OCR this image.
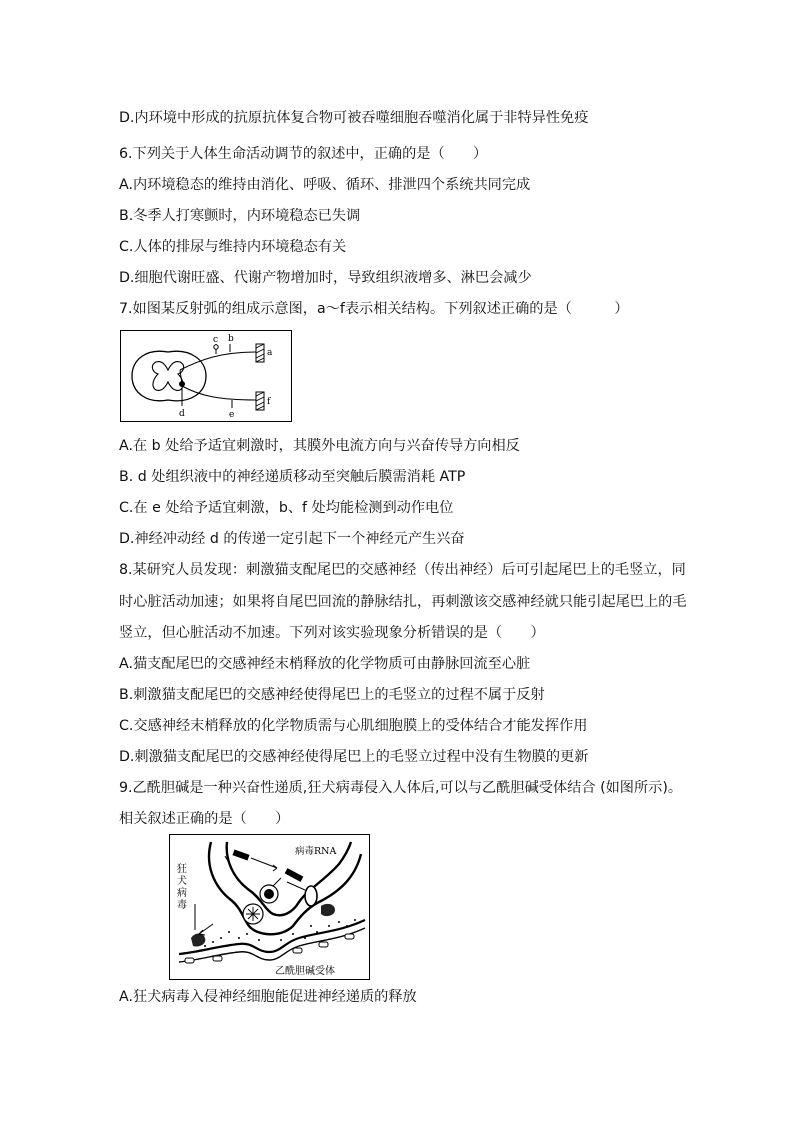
D.内环境中形成的抗原抗体复合物可被吞噬细胞吞噬消化属于非特异性免疫
6.下列关于人体生命活动调节的叙述中，正确的是（　　）
A.内环境稳态的维持由消化、呼吸、循环、排泄四个系统共同完成
B.冬季人打寒颤时，内环境稳态已失调
C.人体的排尿与维持内环境稳态有关
D.细胞代谢旺盛、代谢产物增加时，导致组织液增多、淋巴会减少
7.如图某反射弧的组成示意图，a～f表示相关结构。下列叙述正确的是（　　　）
a
b
c
d	e
f
A.在 b 处给予适宜刺激时，其膜外电流方向与兴奋传导方向相反
B. d 处组织液中的神经递质移动至突触后膜需消耗 ATP
C.在 e 处给予适宜刺激，b、f 处均能检测到动作电位
D.神经冲动经 d 的传递一定引起下一个神经元产生兴奋
8.某研究人员发现：刺激猫支配尾巴的交感神经（传出神经）后可引起尾巴上的毛竖立，同
时心脏活动加速；如果将自尾巴回流的静脉结扎，再刺激该交感神经就只能引起尾巴上的毛
竖立，但心脏活动不加速。下列对该实验现象分析错误的是（　　）
A.猫支配尾巴的交感神经末梢释放的化学物质可由静脉回流至心脏
B.刺激猫支配尾巴的交感神经使得尾巴上的毛竖立的过程不属于反射
C.交感神经末梢释放的化学物质需与心肌细胞膜上的受体结合才能发挥作用
D.刺激猫支配尾巴的交感神经使得尾巴上的毛竖立过程中没有生物膜的更新
9.乙酰胆碱是一种兴奋性递质,狂犬病毒侵入人体后,可以与乙酰胆碱受体结合 (如图所示)。
相关叙述正确的是（　　）
病毒RNA
狂
犬
病
毒
乙酰胆碱受体
A.狂犬病毒入侵神经细胞能促进神经递质的释放
